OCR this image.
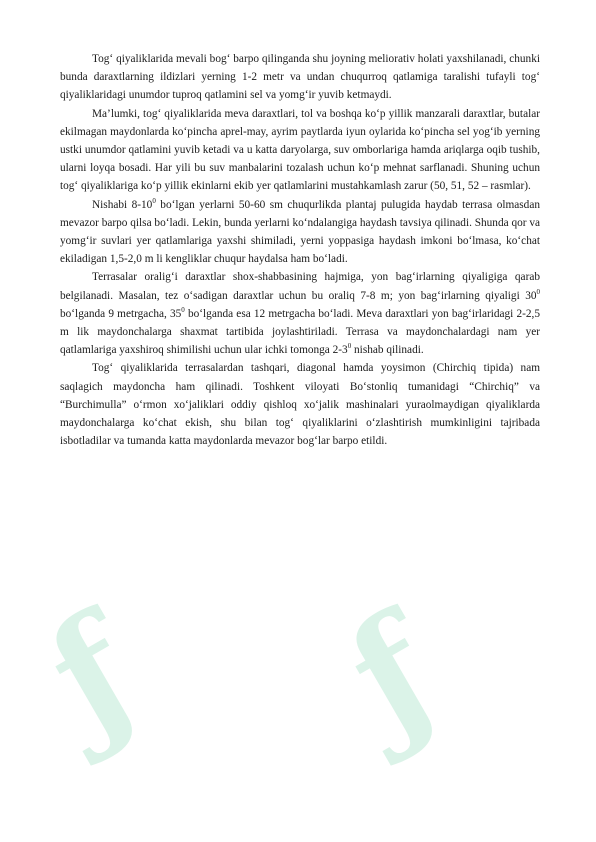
ƒ ƒ

Tog‘ qiyaliklarida mevali bog‘ barpo qilinganda shu joyning meliorativ holati yaxshilanadi, chunki bunda daraxtlarning ildizlari yerning 1-2 metr va undan chuqurroq qatlamiga taralishi tufayli tog‘ qiyaliklaridagi unumdor tuproq qatlamini sel va yomg‘ir yuvib ketmaydi.

Ma’lumki, tog‘ qiyaliklarida meva daraxtlari, tol va boshqa ko‘p yillik manzarali daraxtlar, butalar ekilmagan maydonlarda ko‘pincha aprel-may, ayrim paytlarda iyun oylarida ko‘pincha sel yog‘ib yerning ustki unumdor qatlamini yuvib ketadi va u katta daryolarga, suv omborlariga hamda ariqlarga oqib tushib, ularni loyqa bosadi. Har yili bu suv manbalarini tozalash uchun ko‘p mehnat sarflanadi. Shuning uchun tog‘ qiyaliklariga ko‘p yillik ekinlarni ekib yer qatlamlarini mustahkamlash zarur (50, 51, 52 – rasmlar).

Nishabi $8-10^0$ bo‘lgan yerlarni 50-60 sm chuqurlikda plantaj pulugida haydab terrasa olmasdan mevazor barpo qilsa bo‘ladi. Lekin, bunda yerlarni ko‘ndalangiga haydash tavsiya qilinadi. Shunda qor va yomg‘ir suvlari yer qatlamlariga yaxshi shimiladi, yerni yoppasiga haydash imkoni bo‘lmasa, ko‘chat ekiladigan 1,5-2,0 m li kengliklar chuqur haydalsa ham bo‘ladi.

Terrasalar oralig‘i daraxtlar shox-shabbasining hajmiga, yon bag‘irlarning qiyaligiga qarab belgilanadi. Masalan, tez o‘sadigan daraxtlar uchun bu oraliq 7-8 m; yon bag‘irlarning qiyaligi $30^0$ bo‘lganda 9 metrgacha, $35^0$ bo‘lganda esa 12 metrgacha bo‘ladi. Meva daraxtlari yon bag‘irlaridagi 2-2,5 m lik maydonchalarga shaxmat tartibida joylashtiriladi. Terrasa va maydonchalardagi nam yer qatlamlariga yaxshiroq shimilishi uchun ular ichki tomonga $2-3^0$ nishab qilinadi.

Tog‘ qiyaliklarida terrasalardan tashqari, diagonal hamda yoysimon (Chirchiq tipida) nam saqlagich maydoncha ham qilinadi. Toshkent viloyati Bo‘stonliq tumanidagi “Chirchiq” va “Burchimulla” o‘rmon xo‘jaliklari oddiy qishloq xo‘jalik mashinalari yuraolmaydigan qiyaliklarda maydonchalarga ko‘chat ekish, shu bilan tog‘ qiyaliklarini o‘zlashtirish mumkinligini tajribada isbotladilar va tumanda katta maydonlarda mevazor bog‘lar barpo etildi.
